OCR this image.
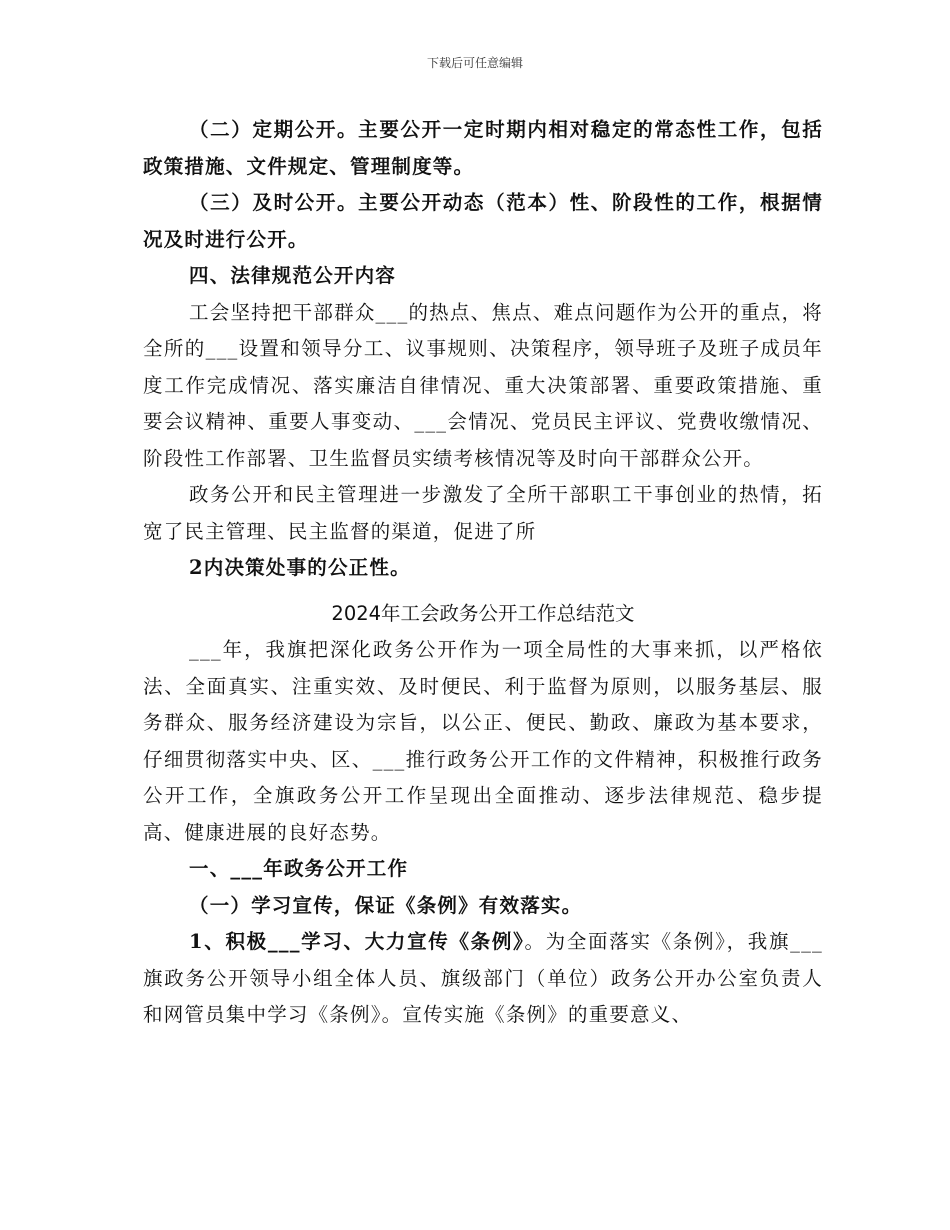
下载后可任意编辑

（二）定期公开。主要公开一定时期内相对稳定的常态性工作，包括政策措施、文件规定、管理制度等。

（三）及时公开。主要公开动态（范本）性、阶段性的工作，根据情况及时进行公开。

四、法律规范公开内容

工会坚持把干部群众___的热点、焦点、难点问题作为公开的重点，将全所的___设置和领导分工、议事规则、决策程序，领导班子及班子成员年度工作完成情况、落实廉洁自律情况、重大决策部署、重要政策措施、重要会议精神、重要人事变动、___会情况、党员民主评议、党费收缴情况、阶段性工作部署、卫生监督员实绩考核情况等及时向干部群众公开。

政务公开和民主管理进一步激发了全所干部职工干事创业的热情，拓宽了民主管理、民主监督的渠道，促进了所

2内决策处事的公正性。

2024年工会政务公开工作总结范文

___年，我旗把深化政务公开作为一项全局性的大事来抓，以严格依法、全面真实、注重实效、及时便民、利于监督为原则，以服务基层、服务群众、服务经济建设为宗旨，以公正、便民、勤政、廉政为基本要求，仔细贯彻落实中央、区、___推行政务公开工作的文件精神，积极推行政务公开工作，全旗政务公开工作呈现出全面推动、逐步法律规范、稳步提高、健康进展的良好态势。

一、___年政务公开工作

（一）学习宣传，保证《条例》有效落实。

1、积极___学习、大力宣传《条例》。为全面落实《条例》，我旗___旗政务公开领导小组全体人员、旗级部门（单位）政务公开办公室负责人和网管员集中学习《条例》。宣传实施《条例》的重要意义、
